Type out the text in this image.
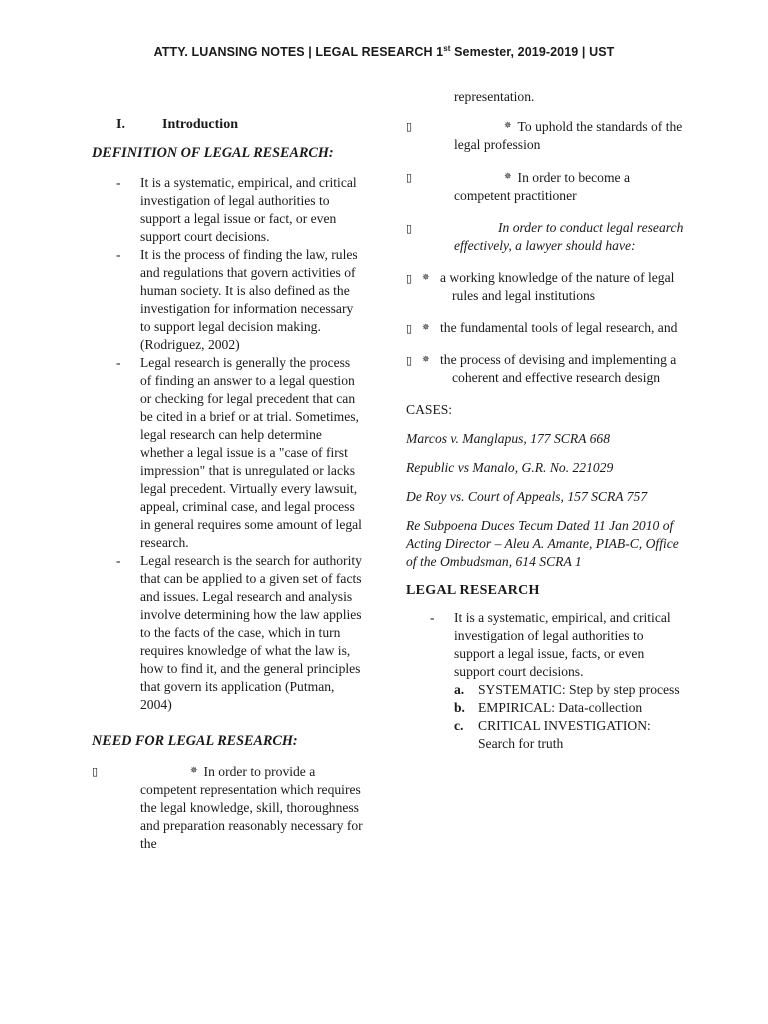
ATTY. LUANSING NOTES | LEGAL RESEARCH 1st Semester, 2019-2019 | UST
I.	Introduction
DEFINITION OF LEGAL RESEARCH:
- It is a systematic, empirical, and critical investigation of legal authorities to support a legal issue or fact, or even support court decisions.
- It is the process of finding the law, rules and regulations that govern activities of human society. It is also defined as the investigation for information necessary to support legal decision making. (Rodriguez, 2002)
- Legal research is generally the process of finding an answer to a legal question or checking for legal precedent that can be cited in a brief or at trial. Sometimes, legal research can help determine whether a legal issue is a "case of first impression" that is unregulated or lacks legal precedent. Virtually every lawsuit, appeal, criminal case, and legal process in general requires some amount of legal research.
- Legal research is the search for authority that can be applied to a given set of facts and issues. Legal research and analysis involve determining how the law applies to the facts of the case, which in turn requires knowledge of what the law is, how to find it, and the general principles that govern its application (Putman, 2004)
NEED FOR LEGAL RESEARCH:
▯	✵ In order to provide a competent representation which requires the legal knowledge, skill, thoroughness and preparation reasonably necessary for the
representation.
▯	✵ To uphold the standards of the legal profession
▯	✵ In order to become a competent practitioner
▯	In order to conduct legal research effectively, a lawyer should have:
▯ ✵ a working knowledge of the nature of legal rules and legal institutions
▯ ✵ the fundamental tools of legal research, and
▯ ✵ the process of devising and implementing a coherent and effective research design
CASES:
Marcos v. Manglapus, 177 SCRA 668
Republic vs Manalo, G.R. No. 221029
De Roy vs. Court of Appeals, 157 SCRA 757
Re Subpoena Duces Tecum Dated 11 Jan 2010 of Acting Director – Aleu A. Amante, PIAB-C, Office of the Ombudsman, 614 SCRA 1
LEGAL RESEARCH
- It is a systematic, empirical, and critical investigation of legal authorities to support a legal issue, facts, or even support court decisions.
a. SYSTEMATIC: Step by step process
b. EMPIRICAL: Data-collection
c. CRITICAL INVESTIGATION: Search for truth
